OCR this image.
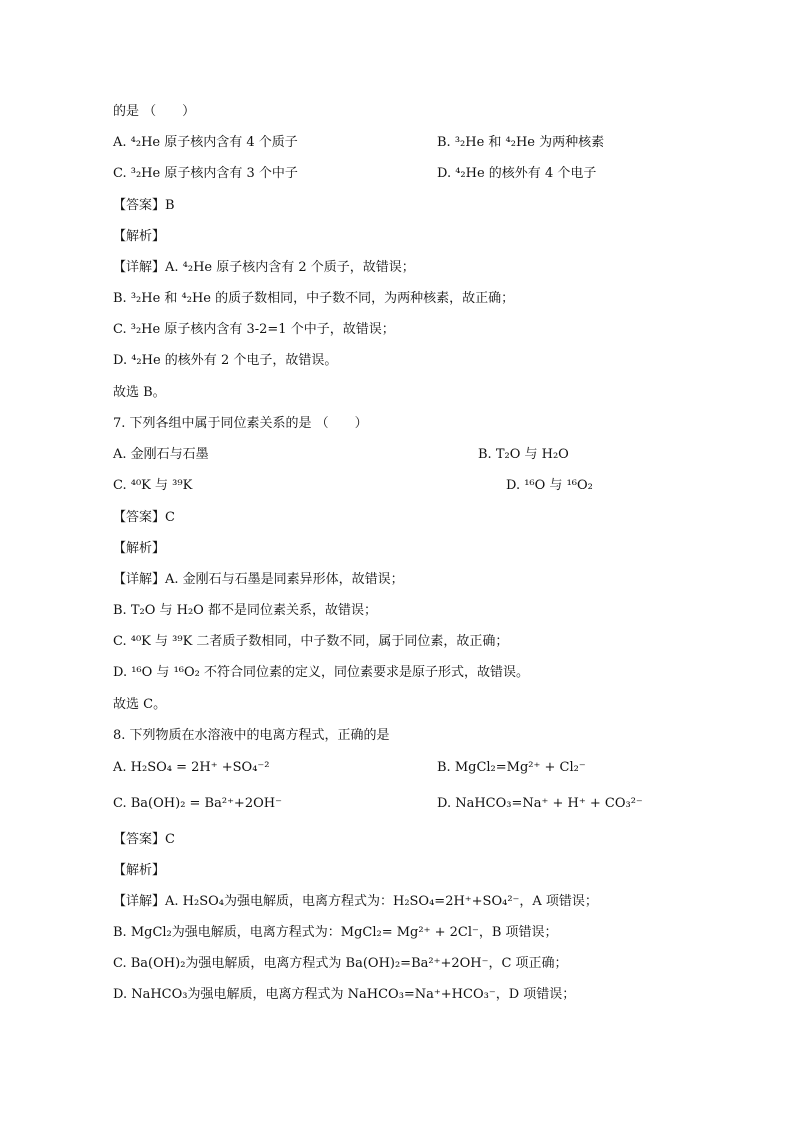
的是 （　　）
A. ⁴₂He 原子核内含有 4 个质子	B. ³₂He 和 ⁴₂He 为两种核素
C. ³₂He 原子核内含有 3 个中子	D. ⁴₂He 的核外有 4 个电子
【答案】B
【解析】
【详解】A. ⁴₂He 原子核内含有 2 个质子，故错误；
B. ³₂He 和 ⁴₂He 的质子数相同，中子数不同，为两种核素，故正确；
C. ³₂He 原子核内含有 3-2=1 个中子，故错误；
D. ⁴₂He 的核外有 2 个电子，故错误。
故选 B。
7. 下列各组中属于同位素关系的是 （　　）
A. 金刚石与石墨	B. T₂O 与 H₂O
C. ⁴⁰K 与 ³⁹K	D. ¹⁶O 与 ¹⁶O₂
【答案】C
【解析】
【详解】A. 金刚石与石墨是同素异形体，故错误；
B. T₂O 与 H₂O 都不是同位素关系，故错误；
C. ⁴⁰K 与 ³⁹K 二者质子数相同，中子数不同，属于同位素，故正确；
D. ¹⁶O 与 ¹⁶O₂ 不符合同位素的定义，同位素要求是原子形式，故错误。
故选 C。
8. 下列物质在水溶液中的电离方程式，正确的是
A. H₂SO₄ = 2H⁺ +SO₄⁻²	B. MgCl₂=Mg²⁺ + Cl₂⁻
C. Ba(OH)₂ = Ba²⁺+2OH⁻	D. NaHCO₃=Na⁺ + H⁺ + CO₃²⁻
【答案】C
【解析】
【详解】A. H₂SO₄为强电解质，电离方程式为：H₂SO₄=2H⁺+SO₄²⁻，A 项错误；
B. MgCl₂为强电解质，电离方程式为：MgCl₂= Mg²⁺ + 2Cl⁻，B 项错误；
C. Ba(OH)₂为强电解质，电离方程式为 Ba(OH)₂=Ba²⁺+2OH⁻，C 项正确；
D. NaHCO₃为强电解质，电离方程式为 NaHCO₃=Na⁺+HCO₃⁻，D 项错误；
